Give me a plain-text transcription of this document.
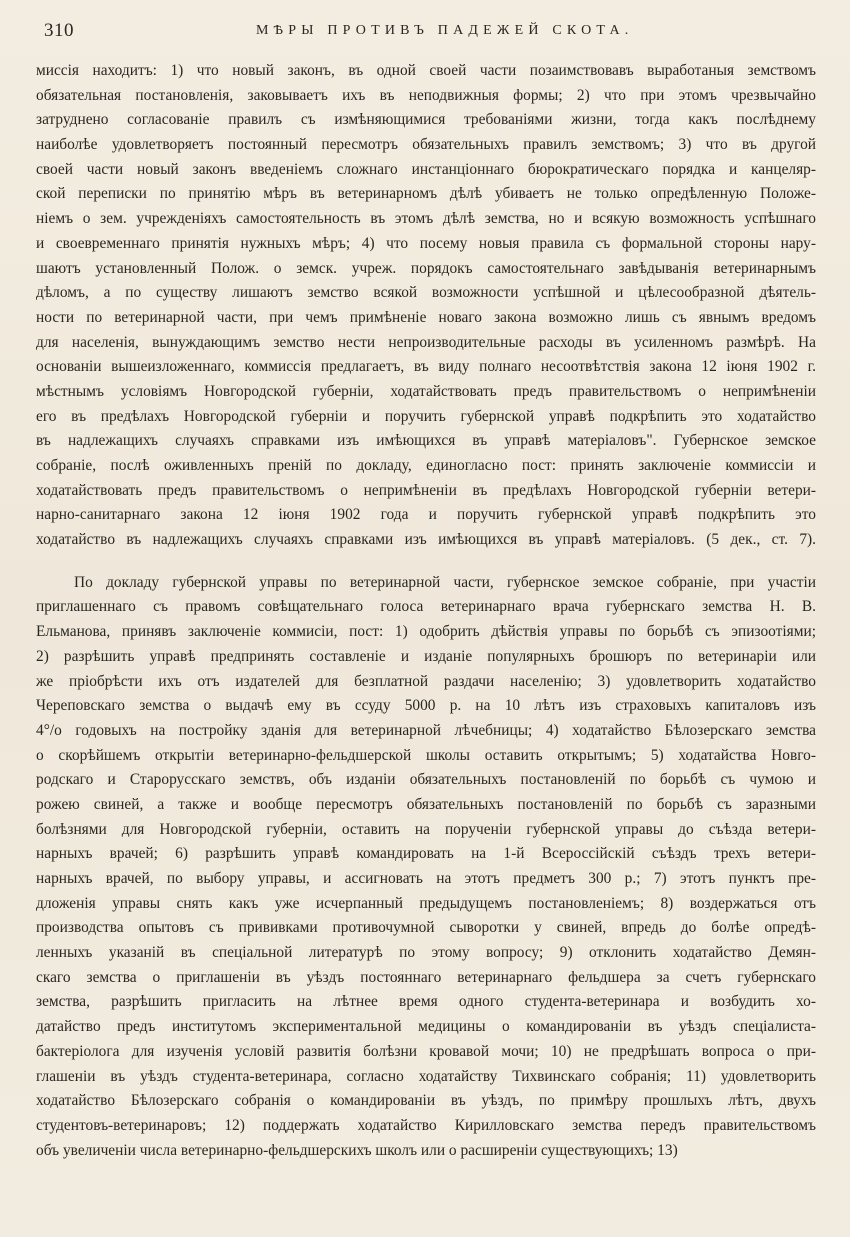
310	МѢРЫ ПРОТИВЪ ПАДЕЖЕЙ СКОТА.
миссія находитъ: 1) что новый законъ, въ одной своей части позаимствовавъ выработаныя земствомъ
обязательная постановленія, заковываетъ ихъ въ неподвижныя формы; 2) что при этомъ чрезвычайно
затруднено согласованіе правилъ съ измѣняющимися требованіями жизни, тогда какъ послѣднему
наиболѣе удовлетворяетъ постоянный пересмотръ обязательныхъ правилъ земствомъ; 3) что въ другой
своей части новый законъ введеніемъ сложнаго инстанціоннаго бюрократическаго порядка и канцеляр-
ской переписки по принятію мѣръ въ ветеринарномъ дѣлѣ убиваетъ не только опредѣленную Положе-
ніемъ о зем. учрежденіяхъ самостоятельность въ этомъ дѣлѣ земства, но и всякую возможность успѣшнаго
и своевременнаго принятія нужныхъ мѣръ; 4) что посему новыя правила съ формальной стороны нару-
шаютъ установленный Полож. о земск. учреж. порядокъ самостоятельнаго завѣдыванія ветеринарнымъ
дѣломъ, а по существу лишаютъ земство всякой возможности успѣшной и цѣлесообразной дѣятель-
ности по ветеринарной части, при чемъ примѣненіе новаго закона возможно лишь съ явнымъ вредомъ
для населенія, вынуждающимъ земство нести непроизводительные расходы въ усиленномъ размѣрѣ. На
основаніи вышеизложеннаго, коммиссія предлагаетъ, въ виду полнаго несоотвѣтствія закона 12 іюня 1902 г.
мѣстнымъ условіямъ Новгородской губерніи, ходатайствовать предъ правительствомъ о непримѣненіи
его въ предѣлахъ Новгородской губерніи и поручить губернской управѣ подкрѣпить это ходатайство
въ надлежащихъ случаяхъ справками изъ имѣющихся въ управѣ матеріаловъ". Губернское земское
собраніе, послѣ оживленныхъ преній по докладу, единогласно пост: принять заключеніе коммиссіи и
ходатайствовать предъ правительствомъ о непримѣненіи въ предѣлахъ Новгородской губерніи ветери-
нарно-санитарнаго закона 12 іюня 1902 года и поручить губернской управѣ подкрѣпить это
ходатайство въ надлежащихъ случаяхъ справками изъ имѣющихся въ управѣ матеріаловъ. (5 дек., ст. 7).
По докладу губернской управы по ветеринарной части, губернское земское собраніе, при участіи
приглашеннаго съ правомъ совѣщательнаго голоса ветеринарнаго врача губернскаго земства Н. В.
Ельманова, принявъ заключеніе коммисіи, пост: 1) одобрить дѣйствія управы по борьбѣ съ эпизоотіями;
2) разрѣшить управѣ предпринять составленіе и изданіе популярныхъ брошюръ по ветеринаріи или
же пріобрѣсти ихъ отъ издателей для безплатной раздачи населенію; 3) удовлетворить ходатайство
Череповскаго земства о выдачѣ ему въ ссуду 5000 р. на 10 лѣтъ изъ страховыхъ капиталовъ изъ
4°/о годовыхъ на постройку зданія для ветеринарной лѣчебницы; 4) ходатайство Бѣлозерскаго земства
о скорѣйшемъ открытіи ветеринарно-фельдшерской школы оставить открытымъ; 5) ходатайства Новго-
родскаго и Старорусскаго земствъ, объ изданіи обязательныхъ постановленій по борьбѣ съ чумою и
рожею свиней, а также и вообще пересмотръ обязательныхъ постановленій по борьбѣ съ заразными
болѣзнями для Новгородской губерніи, оставить на порученіи губернской управы до съѣзда ветери-
нарныхъ врачей; 6) разрѣшить управѣ командировать на 1-й Всероссійскій съѣздъ трехъ ветери-
нарныхъ врачей, по выбору управы, и ассигновать на этотъ предметъ 300 р.; 7) этотъ пунктъ пре-
дложенія управы снять какъ уже исчерпанный предыдущемъ постановленіемъ; 8) воздержаться отъ
производства опытовъ съ прививками противочумной сыворотки у свиней, впредь до болѣе опредѣ-
ленныхъ указаній въ спеціальной литературѣ по этому вопросу; 9) отклонить ходатайство Демян-
скаго земства о приглашеніи въ уѣздъ постояннаго ветеринарнаго фельдшера за счетъ губернскаго
земства, разрѣшить пригласить на лѣтнее время одного студента-ветеринара и возбудить хо-
датайство предъ институтомъ экспериментальной медицины о командированіи въ уѣздъ спеціалиста-
бактеріолога для изученія условій развитія болѣзни кровавой мочи; 10) не предрѣшать вопроса о при-
глашеніи въ уѣздъ студента-ветеринара, согласно ходатайству Тихвинскаго собранія; 11) удовлетворить
ходатайство Бѣлозерскаго собранія о командированіи въ уѣздъ, по примѣру прошлыхъ лѣтъ, двухъ
студентовъ-ветеринаровъ; 12) поддержать ходатайство Кирилловскаго земства передъ правительствомъ
объ увеличеніи числа ветеринарно-фельдшерскихъ школъ или о расширеніи существующихъ; 13)
